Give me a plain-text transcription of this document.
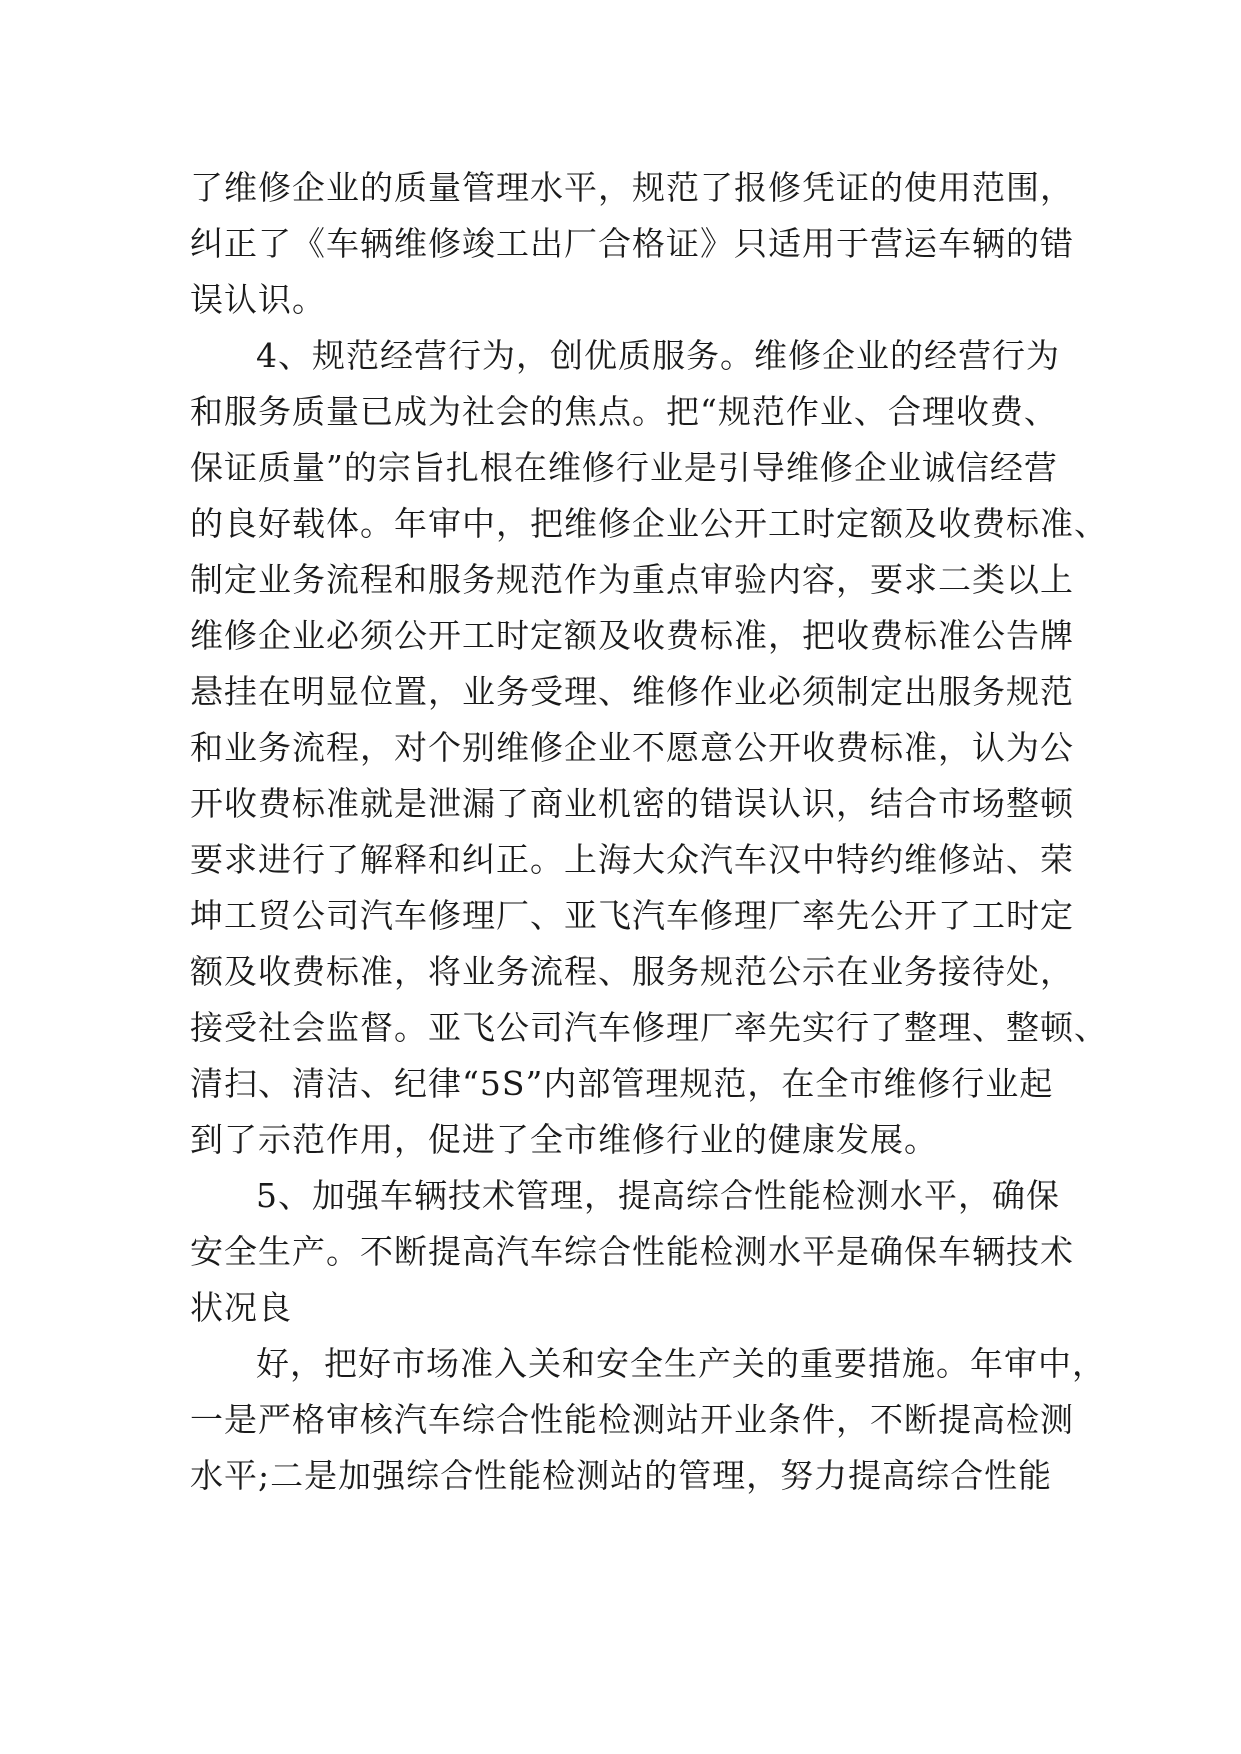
了维修企业的质量管理水平，规范了报修凭证的使用范围，
纠正了《车辆维修竣工出厂合格证》只适用于营运车辆的错
误认识。
4、规范经营行为，创优质服务。维修企业的经营行为
和服务质量已成为社会的焦点。把“规范作业、合理收费、
保证质量”的宗旨扎根在维修行业是引导维修企业诚信经营
的良好载体。年审中，把维修企业公开工时定额及收费标准、
制定业务流程和服务规范作为重点审验内容，要求二类以上
维修企业必须公开工时定额及收费标准，把收费标准公告牌
悬挂在明显位置，业务受理、维修作业必须制定出服务规范
和业务流程，对个别维修企业不愿意公开收费标准，认为公
开收费标准就是泄漏了商业机密的错误认识，结合市场整顿
要求进行了解释和纠正。上海大众汽车汉中特约维修站、荣
坤工贸公司汽车修理厂、亚飞汽车修理厂率先公开了工时定
额及收费标准，将业务流程、服务规范公示在业务接待处，
接受社会监督。亚飞公司汽车修理厂率先实行了整理、整顿、
清扫、清洁、纪律“5S”内部管理规范，在全市维修行业起
到了示范作用，促进了全市维修行业的健康发展。
5、加强车辆技术管理，提高综合性能检测水平，确保
安全生产。不断提高汽车综合性能检测水平是确保车辆技术
状况良
好，把好市场准入关和安全生产关的重要措施。年审中，
一是严格审核汽车综合性能检测站开业条件，不断提高检测
水平;二是加强综合性能检测站的管理，努力提高综合性能
